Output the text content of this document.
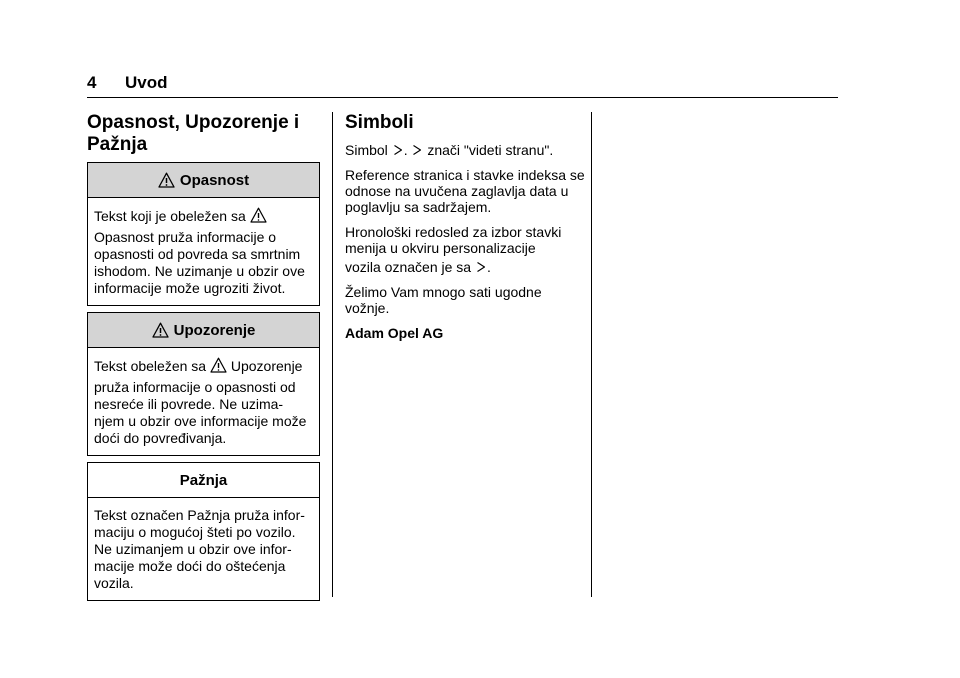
4 Uvod
Opasnost, Upozorenje i
Pažnja
Opasnost

Tekst koji je obeležen sa

Opasnost pruža informacije o opasnosti od povreda sa smrtnim ishodom. Ne uzimanje u obzir ove informacije može ugroziti život.

Upozorenje

Tekst obeležen sa Upozorenje

pruža informacije o opasnosti od nesreće ili povrede. Ne uzima-njem u obzir ove informacije može doći do povređivanja.

Pažnja

Tekst označen Pažnja pruža infor-maciju o mogućoj šteti po vozilo. Ne uzimanjem u obzir ove infor-macije može doći do oštećenja vozila.

Simboli

Simbol . znači "videti stranu".

Reference stranica i stavke indeksa se odnose na uvučena zaglavlja data u poglavlju sa sadržajem.

Hronološki redosled za izbor stavki menija u okviru personalizacije

vozila označen je sa .

Želimo Vam mnogo sati ugodne vožnje.

Adam Opel AG
